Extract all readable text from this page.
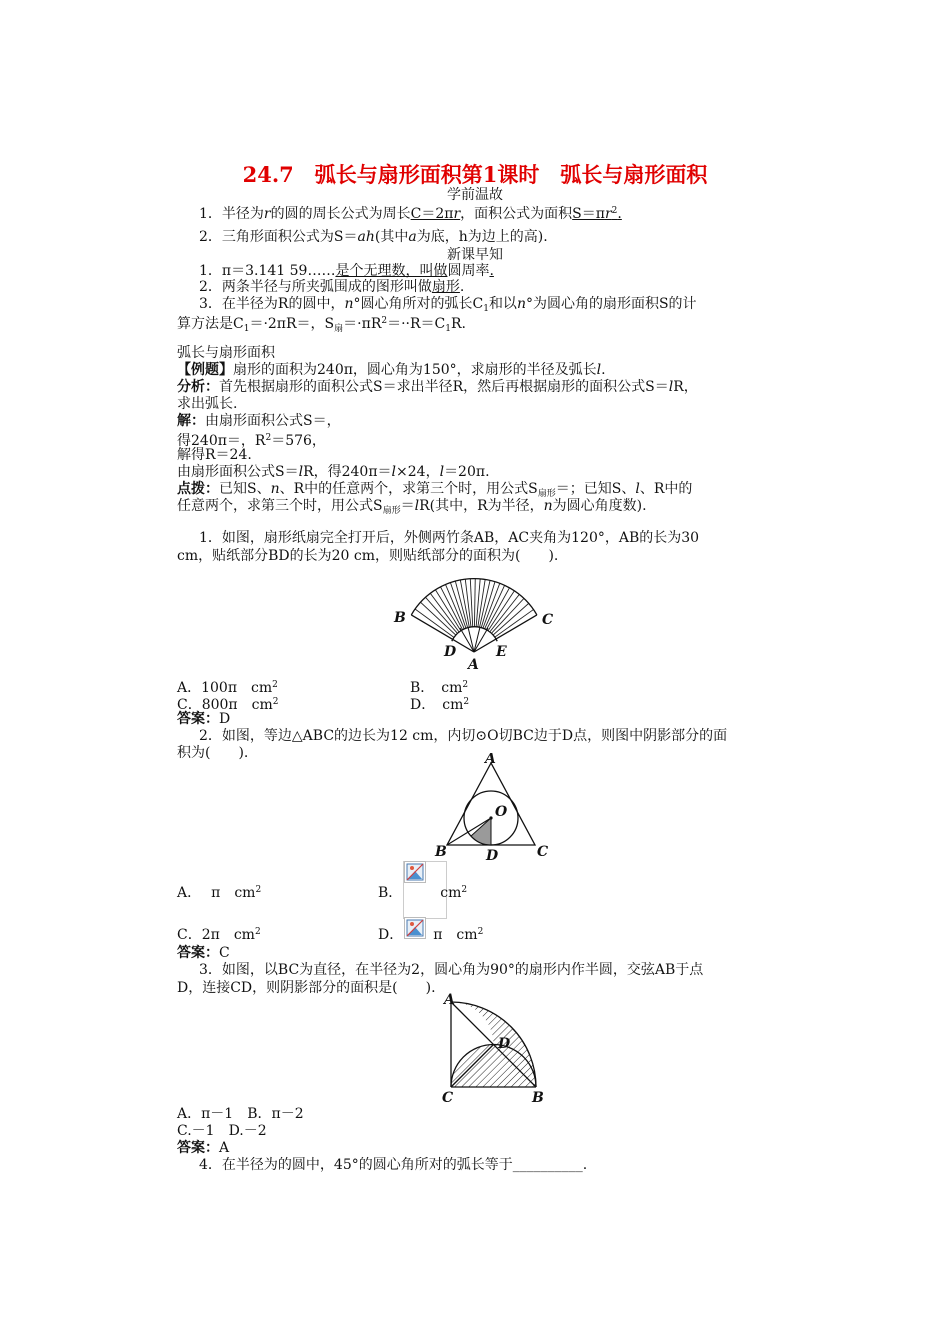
24.7　弧长与扇形面积第1课时　弧长与扇形面积
学前温故
1．半径为r的圆的周长公式为周长C＝2πr，面积公式为面积$S=\pi r^2$.
2．三角形面积公式为S＝ah(其中a为底，h为边上的高).
新课早知
1．π＝3.141 59……是个无理数，叫做圆周率.
2．两条半径与所夹弧围成的图形叫做扇形.
3．在半径为R的圆中，n°圆心角所对的弧长$C_1$和以n°为圆心角的扇形面积S的计
算方法是$C_1=\cdot 2\pi R=$，$S_扇=\cdot\pi R^2=\cdot\cdot R=C_1R$.
弧长与扇形面积
【例题】扇形的面积为240π，圆心角为150°，求扇形的半径及弧长l.
分析：首先根据扇形的面积公式S＝求出半径R，然后再根据扇形的面积公式S＝lR，
求出弧长.
解：由扇形面积公式S＝，
得240π＝，$R^2=576$，
解得R＝24.
由扇形面积公式S＝lR，得240π＝l×24，l＝20π.
点拨：已知S、n、R中的任意两个，求第三个时，用公式$S_{扇形}=$；已知S、l、R中的
任意两个，求第三个时，用公式$S_{扇形}=lR$(其中，R为半径，n为圆心角度数).
1．如图，扇形纸扇完全打开后，外侧两竹条AB，AC夹角为120°，AB的长为30
cm，贴纸部分BD的长为20 cm，则贴纸部分的面积为(　　).
B	C
D	E
A
A．100π　$cm^2$	B．　$cm^2$
C．800π　$cm^2$	D．　$cm^2$
答案：D
2．如图，等边△ABC的边长为12 cm，内切⊙O切BC边于D点，则图中阴影部分的面
积为(　　).	A
O
B	D	C
A． π　$cm^2$	B．	$cm^2$
C．2π　$cm^2$	D． π　$cm^2$
答案：C
3．如图，以BC为直径，在半径为2，圆心角为90°的扇形内作半圆，交弦AB于点
D，连接CD，则阴影部分的面积是(　　).
A
D
C	B
A．π－1　B．π－2
C.－1　D.－2
答案：A
4．在半径为的圆中，45°的圆心角所对的弧长等于__________.
